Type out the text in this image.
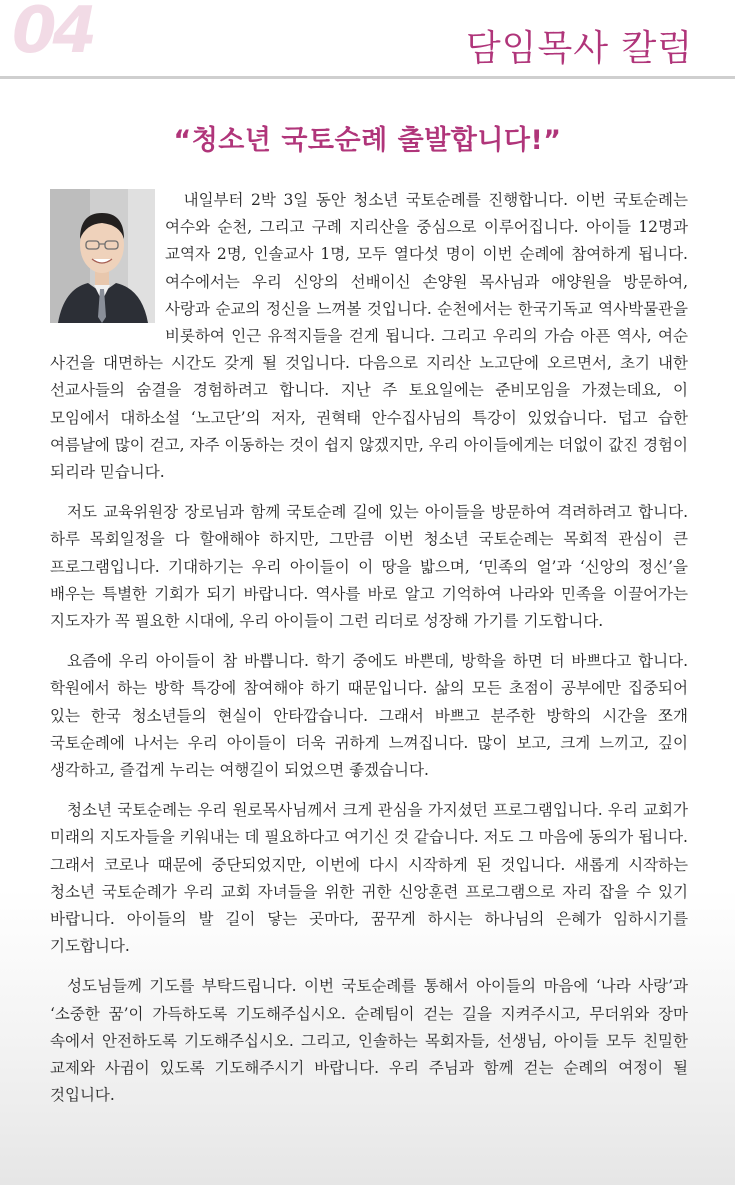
04	담임목사 칼럼
“청소년 국토순례 출발합니다!”

내일부터 2박 3일 동안 청소년 국토순례를 진행합니다. 이번 국토순례는 여수와 순천, 그리고 구례 지리산을 중심으로 이루어집니다. 아이들 12명과 교역자 2명, 인솔교사 1명, 모두 열다섯 명이 이번 순례에 참여하게 됩니다. 여수에서는 우리 신앙의 선배이신 손양원 목사님과 애양원을 방문하여, 사랑과 순교의 정신을 느껴볼 것입니다. 순천에서는 한국기독교 역사박물관을 비롯하여 인근 유적지들을 걷게 됩니다. 그리고 우리의 가슴 아픈 역사, 여순 사건을 대면하는 시간도 갖게 될 것입니다. 다음으로 지리산 노고단에 오르면서, 초기 내한 선교사들의 숨결을 경험하려고 합니다. 지난 주 토요일에는 준비모임을 가졌는데요, 이 모임에서 대하소설 ‘노고단’의 저자, 권혁태 안수집사님의 특강이 있었습니다. 덥고 습한 여름날에 많이 걷고, 자주 이동하는 것이 쉽지 않겠지만, 우리 아이들에게는 더없이 값진 경험이 되리라 믿습니다.

저도 교육위원장 장로님과 함께 국토순례 길에 있는 아이들을 방문하여 격려하려고 합니다. 하루 목회일정을 다 할애해야 하지만, 그만큼 이번 청소년 국토순례는 목회적 관심이 큰 프로그램입니다. 기대하기는 우리 아이들이 이 땅을 밟으며, ‘민족의 얼’과 ‘신앙의 정신’을 배우는 특별한 기회가 되기 바랍니다. 역사를 바로 알고 기억하여 나라와 민족을 이끌어가는 지도자가 꼭 필요한 시대에, 우리 아이들이 그런 리더로 성장해 가기를 기도합니다.

요즘에 우리 아이들이 참 바쁩니다. 학기 중에도 바쁜데, 방학을 하면 더 바쁘다고 합니다. 학원에서 하는 방학 특강에 참여해야 하기 때문입니다. 삶의 모든 초점이 공부에만 집중되어 있는 한국 청소년들의 현실이 안타깝습니다. 그래서 바쁘고 분주한 방학의 시간을 쪼개 국토순례에 나서는 우리 아이들이 더욱 귀하게 느껴집니다. 많이 보고, 크게 느끼고, 깊이 생각하고, 즐겁게 누리는 여행길이 되었으면 좋겠습니다.

청소년 국토순례는 우리 원로목사님께서 크게 관심을 가지셨던 프로그램입니다. 우리 교회가 미래의 지도자들을 키워내는 데 필요하다고 여기신 것 같습니다. 저도 그 마음에 동의가 됩니다. 그래서 코로나 때문에 중단되었지만, 이번에 다시 시작하게 된 것입니다. 새롭게 시작하는 청소년 국토순례가 우리 교회 자녀들을 위한 귀한 신앙훈련 프로그램으로 자리 잡을 수 있기 바랍니다. 아이들의 발 길이 닿는 곳마다, 꿈꾸게 하시는 하나님의 은혜가 임하시기를 기도합니다.

성도님들께 기도를 부탁드립니다. 이번 국토순례를 통해서 아이들의 마음에 ‘나라 사랑’과 ‘소중한 꿈’이 가득하도록 기도해주십시오. 순례팀이 걷는 길을 지켜주시고, 무더위와 장마 속에서 안전하도록 기도해주십시오. 그리고, 인솔하는 목회자들, 선생님, 아이들 모두 친밀한 교제와 사귐이 있도록 기도해주시기 바랍니다. 우리 주님과 함께 걷는 순례의 여정이 될 것입니다.
